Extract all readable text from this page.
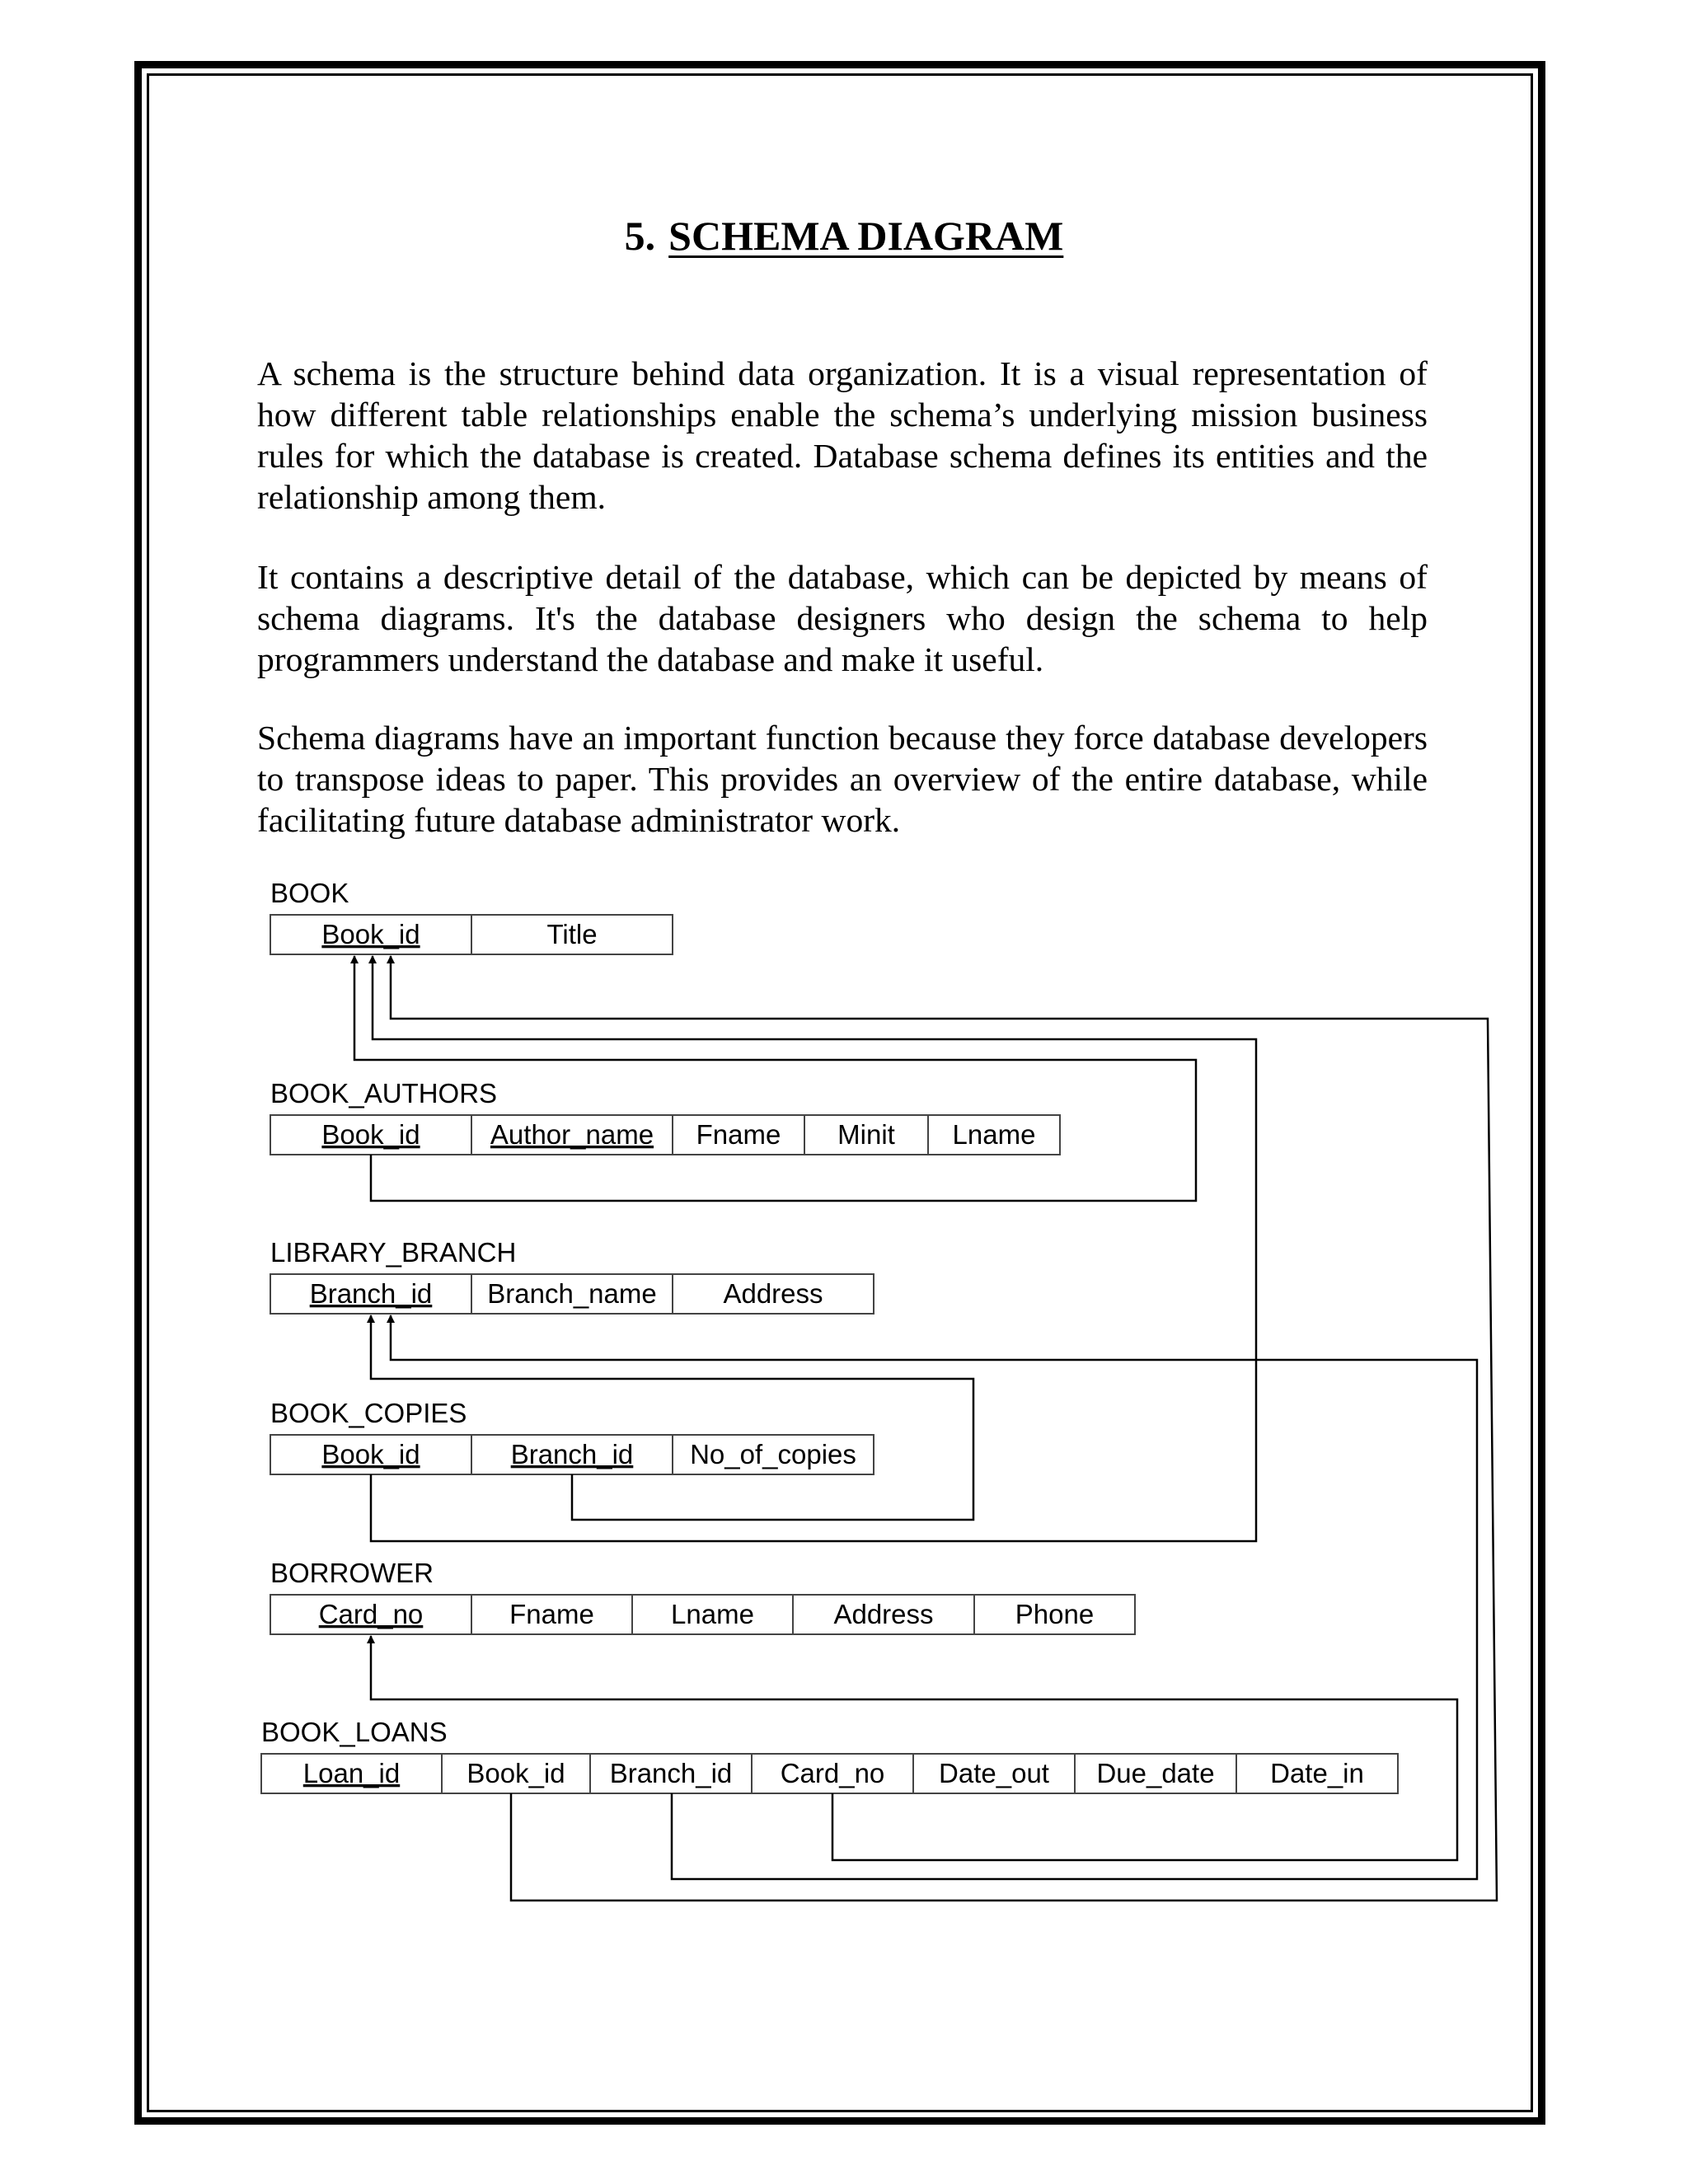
5. SCHEMA DIAGRAM

A schema is the structure behind data organization. It is a visual representation of how different table relationships enable the schema’s underlying mission business rules for which the database is created. Database schema defines its entities and the relationship among them.

It contains a descriptive detail of the database, which can be depicted by means of schema diagrams. It's the database designers who design the schema to help programmers understand the database and make it useful.

Schema diagrams have an important function because they force database developers to transpose ideas to paper. This provides an overview of the entire database, while facilitating future database administrator work.

BOOK
Book_id	Title
BOOK_AUTHORS
Book_id	Author_name Fname Minit Lname
LIBRARY_BRANCH
Branch_id Branch_name Address
BOOK_COPIES
Book_id	Branch_id No_of_copies
BORROWER
Card_no	Fname	Lname	Address	Phone
BOOK_LOANS
Loan_id Book_id Branch_id Card_no Date_out Due_date Date_in
